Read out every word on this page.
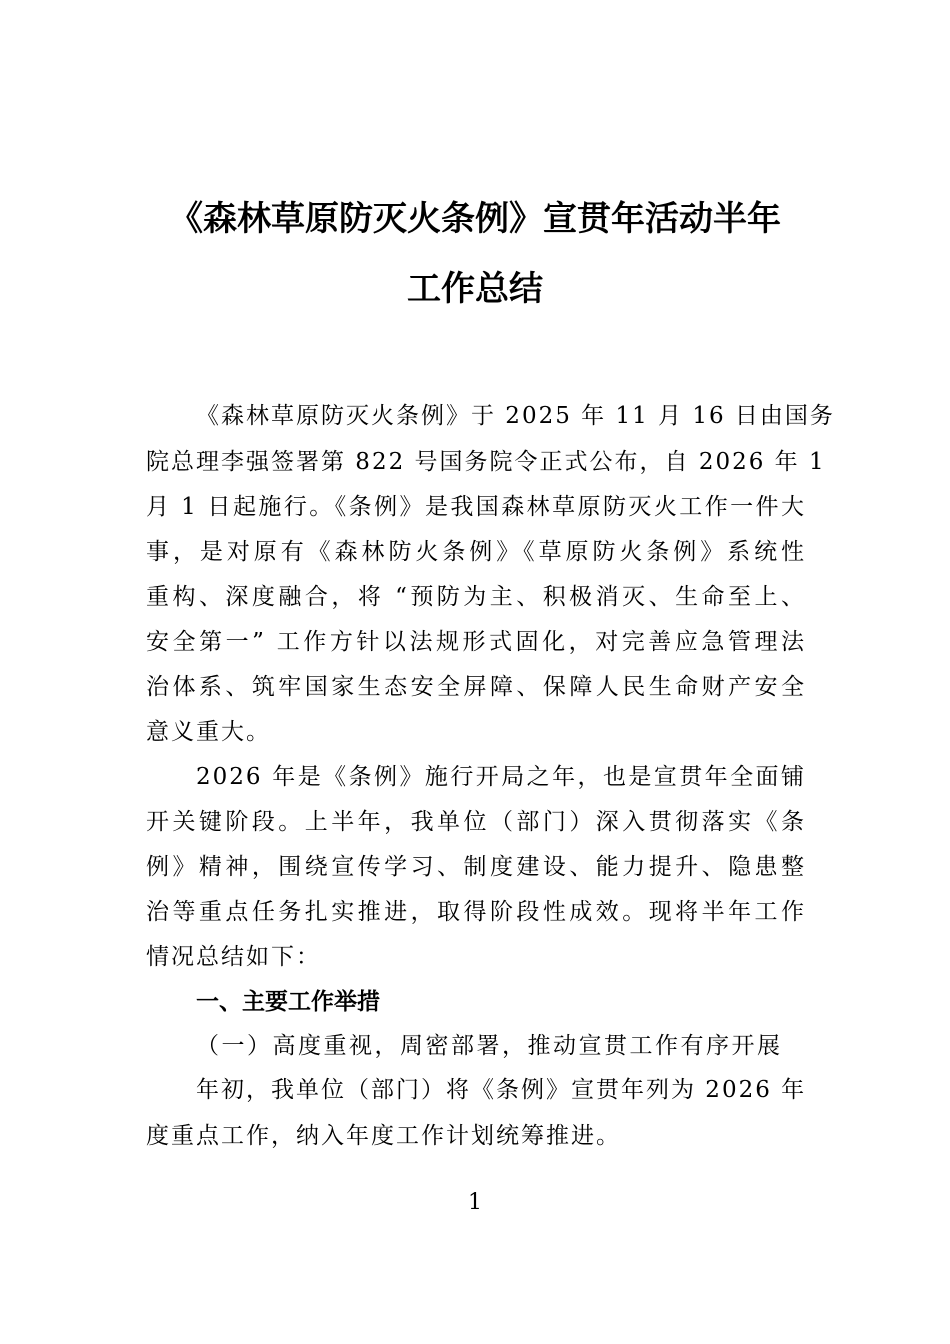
《森林草原防灭火条例》宣贯年活动半年
工作总结
《森林草原防灭火条例》于 2025 年 11 月 16 日由国务
院总理李强签署第 822 号国务院令正式公布，自 2026 年 1
月 1 日起施行。《条例》是我国森林草原防灭火工作一件大
事，是对原有《森林防火条例》《草原防火条例》系统性
重构、深度融合，将 “预防为主、积极消灭、生命至上、
安全第一” 工作方针以法规形式固化，对完善应急管理法
治体系、筑牢国家生态安全屏障、保障人民生命财产安全
意义重大。
2026 年是《条例》施行开局之年，也是宣贯年全面铺
开关键阶段。上半年，我单位（部门）深入贯彻落实《条
例》精神，围绕宣传学习、制度建设、能力提升、隐患整
治等重点任务扎实推进，取得阶段性成效。现将半年工作
情况总结如下：
一、主要工作举措
（一）高度重视，周密部署，推动宣贯工作有序开展
年初，我单位（部门）将《条例》宣贯年列为 2026 年
度重点工作，纳入年度工作计划统筹推进。
1
